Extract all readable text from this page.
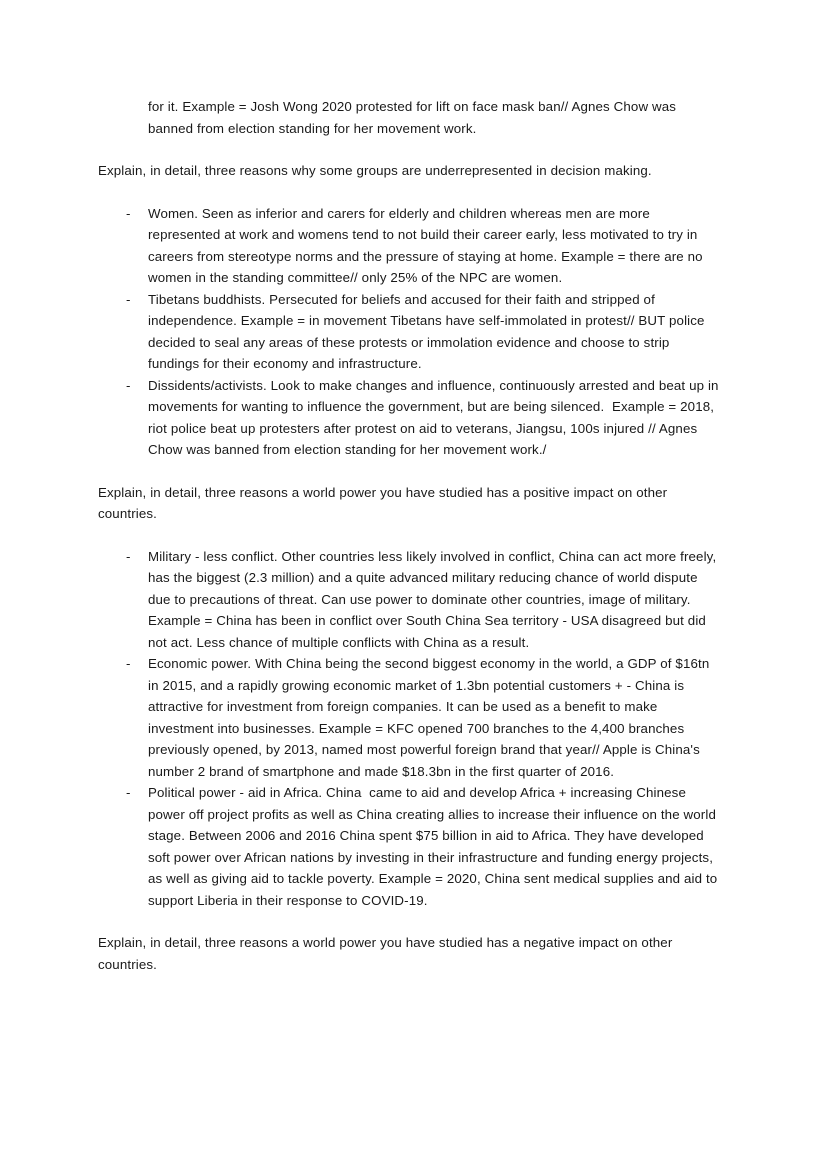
for it. Example = Josh Wong 2020 protested for lift on face mask ban// Agnes Chow was banned from election standing for her movement work.

Explain, in detail, three reasons why some groups are underrepresented in decision making.

- Women. Seen as inferior and carers for elderly and children whereas men are more represented at work and womens tend to not build their career early, less motivated to try in careers from stereotype norms and the pressure of staying at home. Example = there are no women in the standing committee// only 25% of the NPC are women.
- Tibetans buddhists. Persecuted for beliefs and accused for their faith and stripped of independence. Example = in movement Tibetans have self-immolated in protest// BUT police decided to seal any areas of these protests or immolation evidence and choose to strip fundings for their economy and infrastructure.
- Dissidents/activists. Look to make changes and influence, continuously arrested and beat up in movements for wanting to influence the government, but are being silenced.  Example = 2018, riot police beat up protesters after protest on aid to veterans, Jiangsu, 100s injured // Agnes Chow was banned from election standing for her movement work./

Explain, in detail, three reasons a world power you have studied has a positive impact on other countries.

- Military - less conflict. Other countries less likely involved in conflict, China can act more freely, has the biggest (2.3 million) and a quite advanced military reducing chance of world dispute due to precautions of threat. Can use power to dominate other countries, image of military. Example = China has been in conflict over South China Sea territory - USA disagreed but did not act. Less chance of multiple conflicts with China as a result.
- Economic power. With China being the second biggest economy in the world, a GDP of $16tn in 2015, and a rapidly growing economic market of 1.3bn potential customers + - China is attractive for investment from foreign companies. It can be used as a benefit to make investment into businesses. Example = KFC opened 700 branches to the 4,400 branches previously opened, by 2013, named most powerful foreign brand that year// Apple is China's number 2 brand of smartphone and made $18.3bn in the first quarter of 2016.
- Political power - aid in Africa. China  came to aid and develop Africa + increasing Chinese power off project profits as well as China creating allies to increase their influence on the world stage. Between 2006 and 2016 China spent $75 billion in aid to Africa. They have developed soft power over African nations by investing in their infrastructure and funding energy projects, as well as giving aid to tackle poverty. Example = 2020, China sent medical supplies and aid to support Liberia in their response to COVID-19.

Explain, in detail, three reasons a world power you have studied has a negative impact on other countries.
